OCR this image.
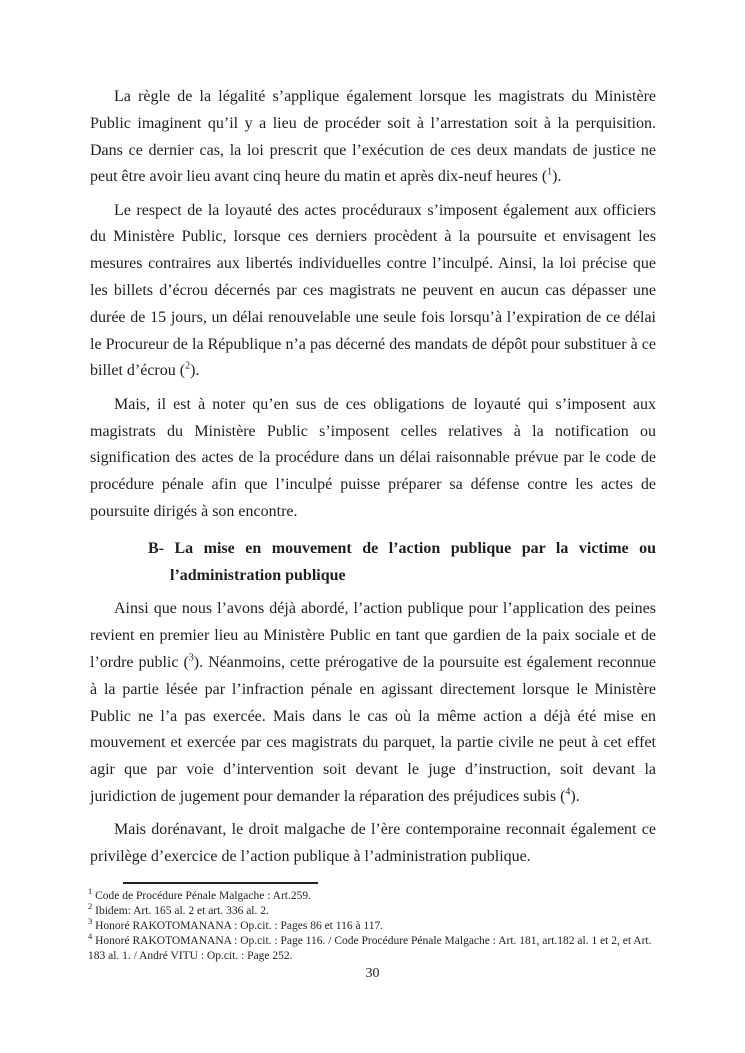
La règle de la légalité s’applique également lorsque les magistrats du Ministère Public imaginent qu’il y a lieu de procéder soit à l’arrestation soit à la perquisition. Dans ce dernier cas, la loi prescrit que l’exécution de ces deux mandats de justice ne peut être avoir lieu avant cinq heure du matin et après dix-neuf heures ($^1$).

Le respect de la loyauté des actes procéduraux s’imposent également aux officiers du Ministère Public, lorsque ces derniers procèdent à la poursuite et envisagent les mesures contraires aux libertés individuelles contre l’inculpé. Ainsi, la loi précise que les billets d’écrou décernés par ces magistrats ne peuvent en aucun cas dépasser une durée de 15 jours, un délai renouvelable une seule fois lorsqu’à l’expiration de ce délai le Procureur de la République n’a pas décerné des mandats de dépôt pour substituer à ce billet d’écrou ($^2$).

Mais, il est à noter qu’en sus de ces obligations de loyauté qui s’imposent aux magistrats du Ministère Public s’imposent celles relatives à la notification ou signification des actes de la procédure dans un délai raisonnable prévue par le code de procédure pénale afin que l’inculpé puisse préparer sa défense contre les actes de poursuite dirigés à son encontre.

B- La mise en mouvement de l’action publique par la victime ou l’administration publique

Ainsi que nous l’avons déjà abordé, l’action publique pour l’application des peines revient en premier lieu au Ministère Public en tant que gardien de la paix sociale et de l’ordre public ($^3$). Néanmoins, cette prérogative de la poursuite est également reconnue à la partie lésée par l’infraction pénale en agissant directement lorsque le Ministère Public ne l’a pas exercée. Mais dans le cas où la même action a déjà été mise en mouvement et exercée par ces magistrats du parquet, la partie civile ne peut à cet effet agir que par voie d’intervention soit devant le juge d’instruction, soit devant la juridiction de jugement pour demander la réparation des préjudices subis ($^4$).

Mais dorénavant, le droit malgache de l’ère contemporaine reconnait également ce privilège d’exercice de l’action publique à l’administration publique.

$^1$ Code de Procédure Pénale Malgache : Art.259.

$^2$ Ibidem: Art. 165 al. 2 et art. 336 al. 2.

$^3$ Honoré RAKOTOMANANA : Op.cit. : Pages 86 et 116 à 117.

$^4$ Honoré RAKOTOMANANA : Op.cit. : Page 116. / Code Procédure Pénale Malgache : Art. 181, art.182 al. 1 et 2, et Art. 183 al. 1. / André VITU : Op.cit. : Page 252.

30
